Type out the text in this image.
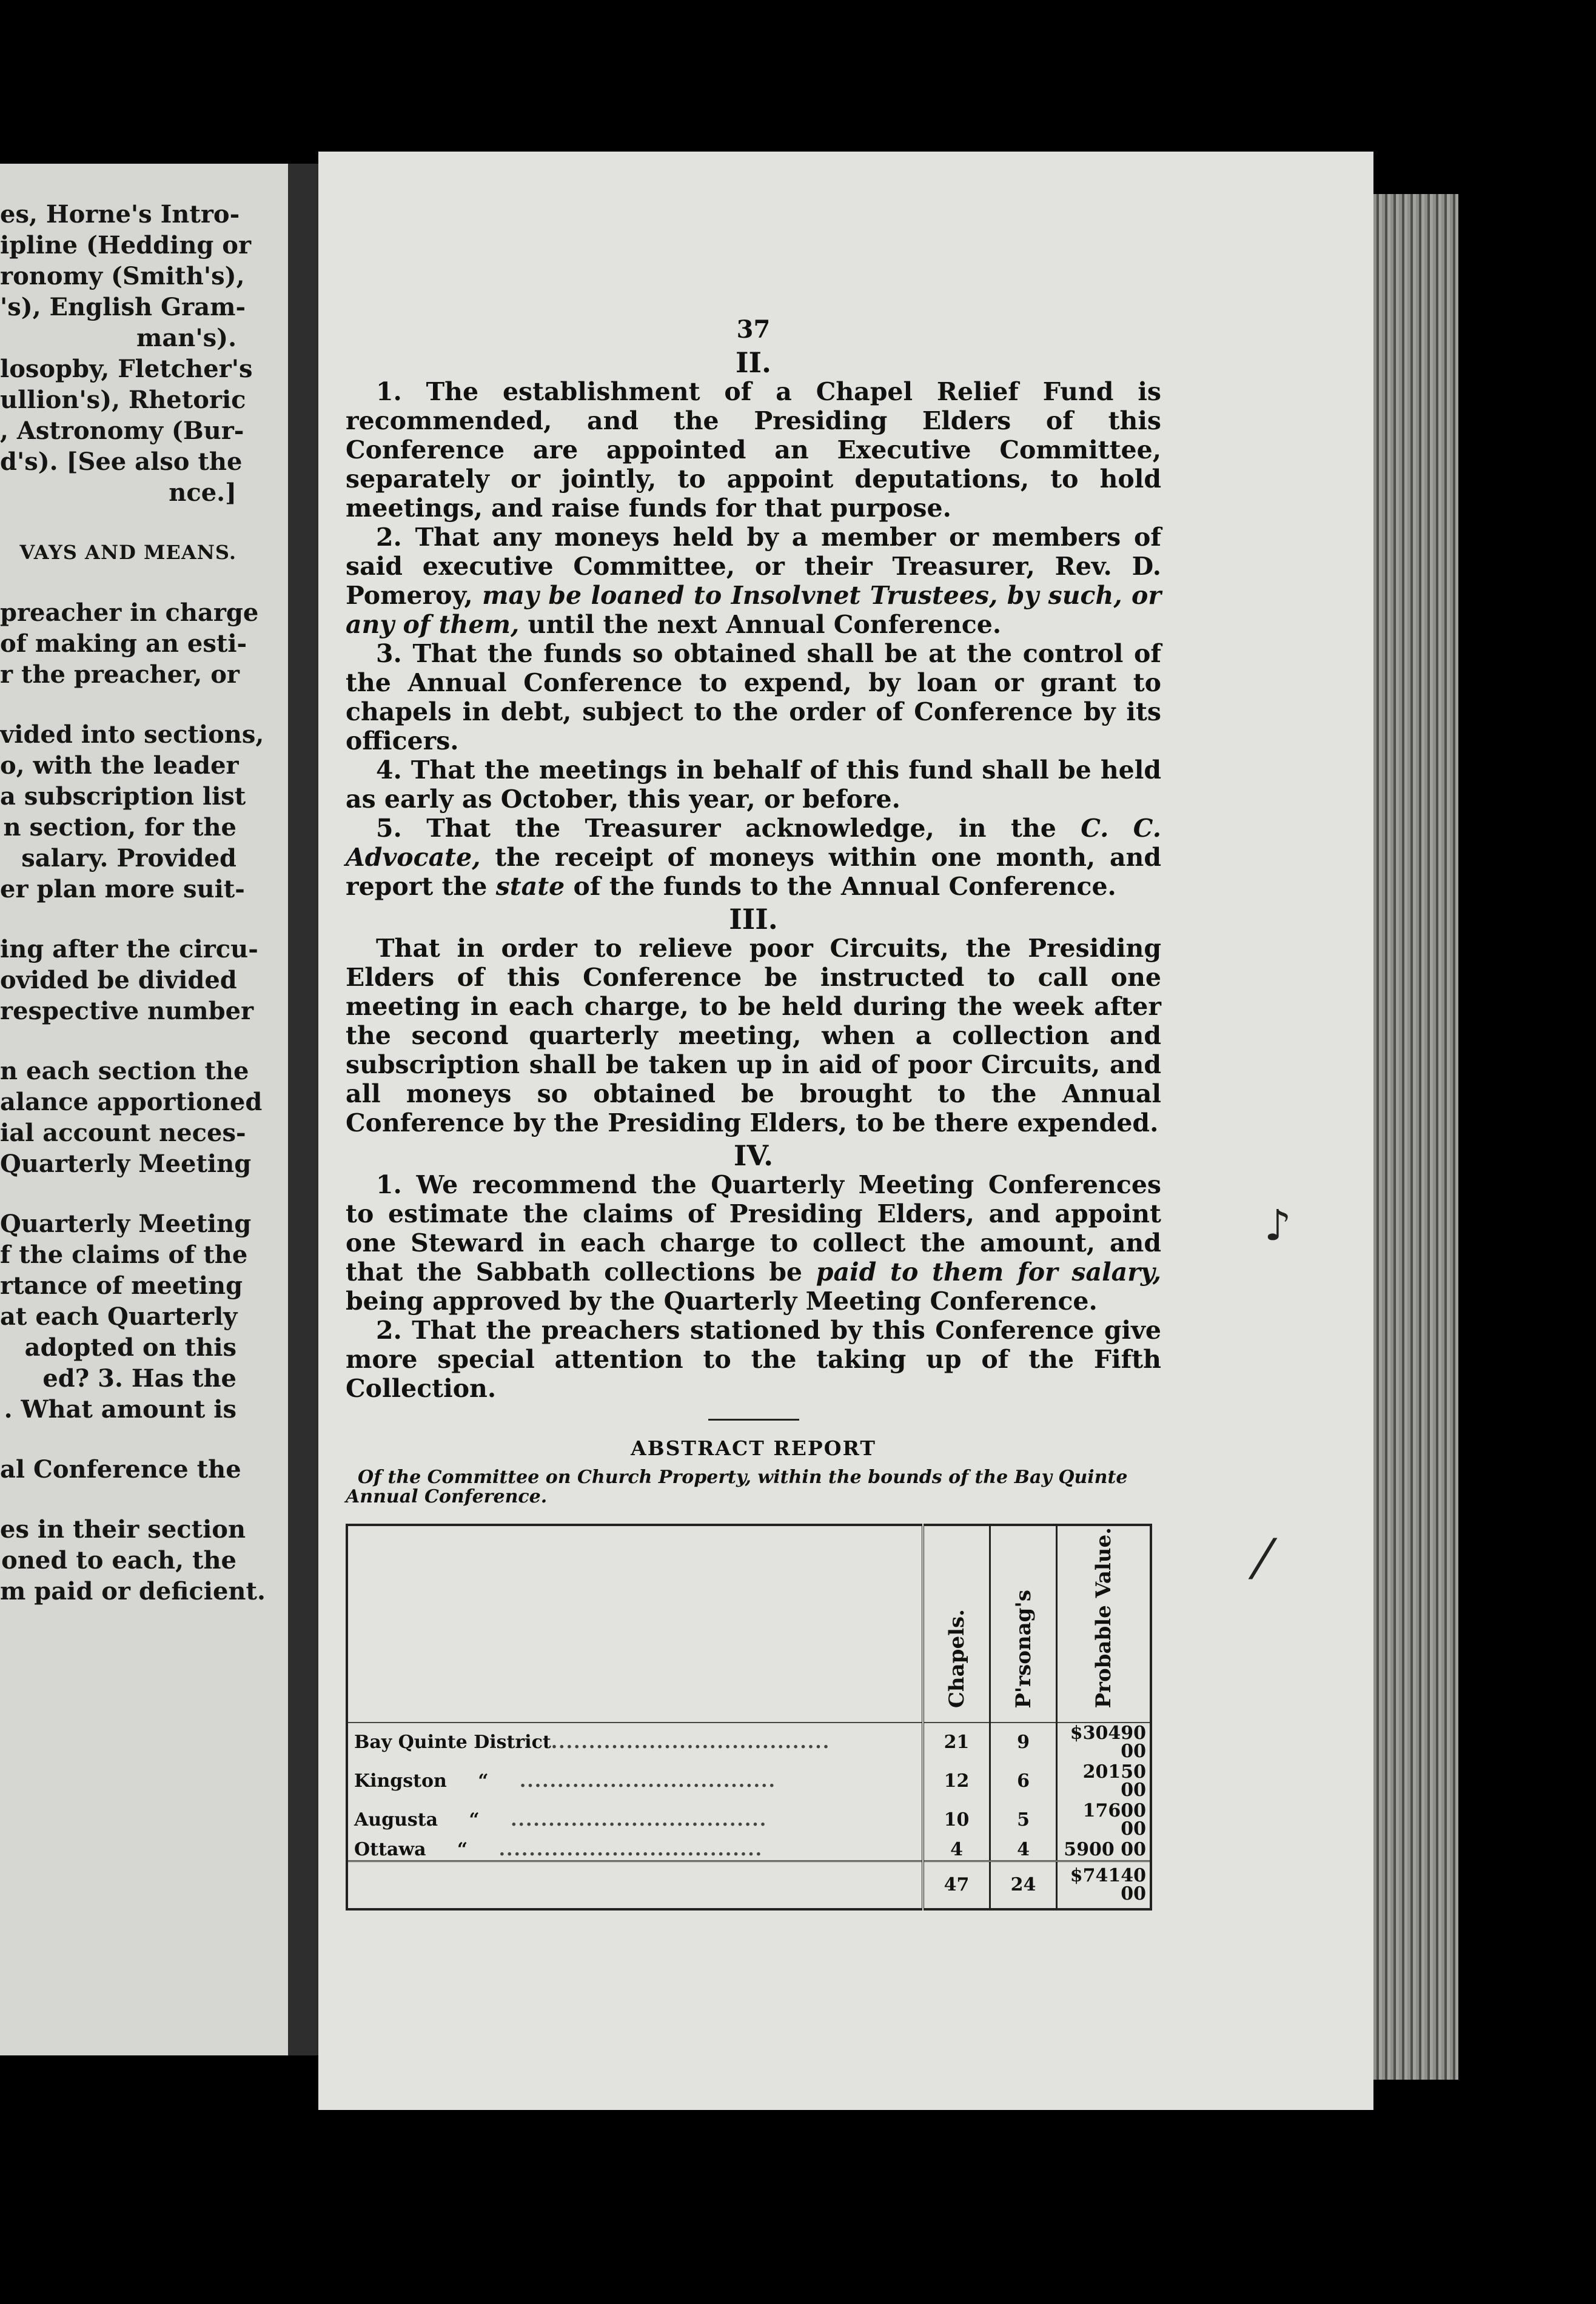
es, Horne's Intro-
ipline (Hedding or
ronomy (Smith's),
's), English Gram-
man's).
losopby, Fletcher's
ullion's), Rhetoric
, Astronomy (Bur-
d's). [See also the
nce.]
VAYS AND MEANS.
preacher in charge
of making an esti-
r the preacher, or
vided into sections,
o, with the leader
a subscription list
n section, for the
salary. Provided
er plan more suit-
ing after the circu-
ovided be divided
respective number
n each section the
alance apportioned
ial account neces-
Quarterly Meeting
Quarterly Meeting
f the claims of the
rtance of meeting
at each Quarterly
adopted on this
ed? 3. Has the
. What amount is
al Conference the
es in their section
oned to each, the
m paid or deficient.
37
II.

1. The establishment of a Chapel Relief Fund is recommended, and the Presiding Elders of this Conference are appointed an Executive Committee, separately or jointly, to appoint deputations, to hold meetings, and raise funds for that purpose.

2. That any moneys held by a member or members of said executive Committee, or their Treasurer, Rev. D. Pomeroy, may be loaned to Insolvnet Trustees, by such, or any of them, until the next Annual Conference.

3. That the funds so obtained shall be at the control of the Annual Conference to expend, by loan or grant to chapels in debt, subject to the order of Conference by its officers.

4. That the meetings in behalf of this fund shall be held as early as October, this year, or before.

5. That the Treasurer acknowledge, in the C. C. Advocate, the receipt of moneys within one month, and report the state of the funds to the Annual Conference.

III.

That in order to relieve poor Circuits, the Presiding Elders of this Conference be instructed to call one meeting in each charge, to be held during the week after the second quarterly meeting, when a collection and subscription shall be taken up in aid of poor Circuits, and all moneys so obtained be brought to the Annual Conference by the Presiding Elders, to be there expended.

IV.

1. We recommend the Quarterly Meeting Conferences to estimate the claims of Presiding Elders, and appoint one Steward in each charge to collect the amount, and that the Sabbath collections be paid to them for salary, being approved by the Quarterly Meeting Conference.

2. That the preachers stationed by this Conference give more special attention to the taking up of the Fifth Collection.

ABSTRACT REPORT
Of the Committee on Church Property, within the bounds of the Bay Quinte Annual Conference.

	Chapels.	P'rsonag's	Probable Value.

Bay Quinte District.....................................	21	9	$30490 00
Kingston “ ..................................	12	6	20150 00
Augusta “ ..................................	10	5	17600 00
Ottawa “ ...................................	4	4	5900 00
	47	24	$74140 00
♪
⁄
